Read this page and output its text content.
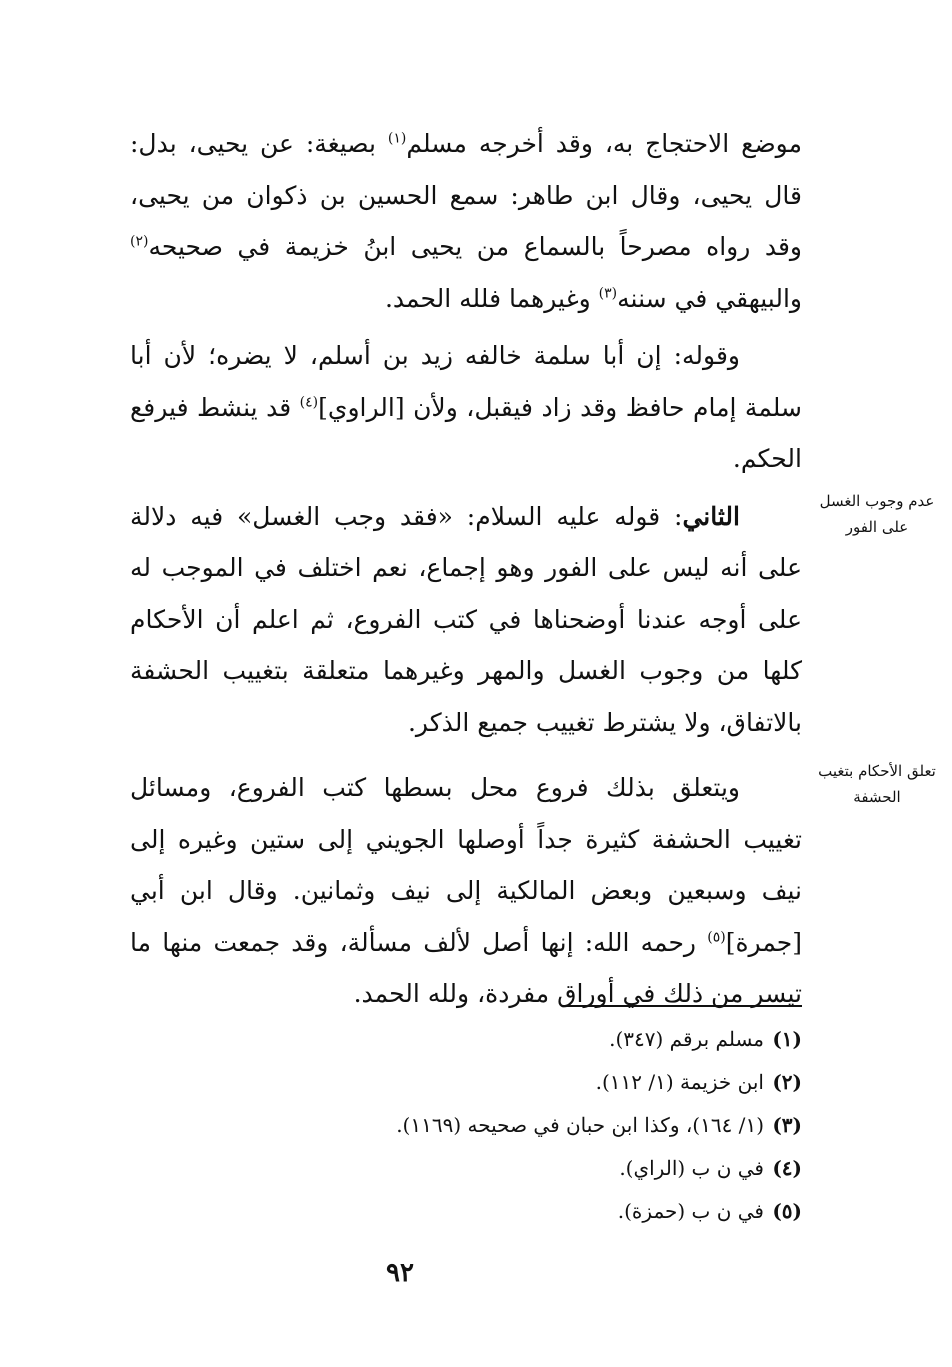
موضع الاحتجاج به، وقد أخرجه مسلم$^{(١)}$ بصيغة: عن يحيى، بدل: قال يحيى، وقال ابن طاهر: سمع الحسين بن ذكوان من يحيى، وقد رواه مصرحاً بالسماع من يحيى ابنُ خزيمة في صحيحه$^{(٢)}$ والبيهقي في سننه$^{(٣)}$ وغيرهما فلله الحمد.

وقوله: إن أبا سلمة خالفه زيد بن أسلم، لا يضره؛ لأن أبا سلمة إمام حافظ وقد زاد فيقبل، ولأن [الراوي]$^{(٤)}$ قد ينشط فيرفع الحكم.

الثاني: قوله عليه السلام: «فقد وجب الغسل» فيه دلالة على أنه ليس على الفور وهو إجماع، نعم اختلف في الموجب له على أوجه عندنا أوضحناها في كتب الفروع، ثم اعلم أن الأحكام كلها من وجوب الغسل والمهر وغيرهما متعلقة بتغييب الحشفة بالاتفاق، ولا يشترط تغييب جميع الذكر.

ويتعلق بذلك فروع محل بسطها كتب الفروع، ومسائل تغييب الحشفة كثيرة جداً أوصلها الجويني إلى ستين وغيره إلى نيف وسبعين وبعض المالكية إلى نيف وثمانين. وقال ابن أبي [جمرة]$^{(٥)}$ رحمه الله: إنها أصل لألف مسألة، وقد جمعت منها ما تيسر من ذلك في أوراق مفردة، ولله الحمد.

عدم وجوب الغسل على الفور
تعلق الأحكام بتغيب الحشفة
(١)مسلم برقم (٣٤٧).
(٢)ابن خزيمة (١/ ١١٢).
(٣)(١/ ١٦٤)، وكذا ابن حبان في صحيحه (١١٦٩).
(٤)في ن ب (الراي).
(٥)في ن ب (حمزة).
٩٢
